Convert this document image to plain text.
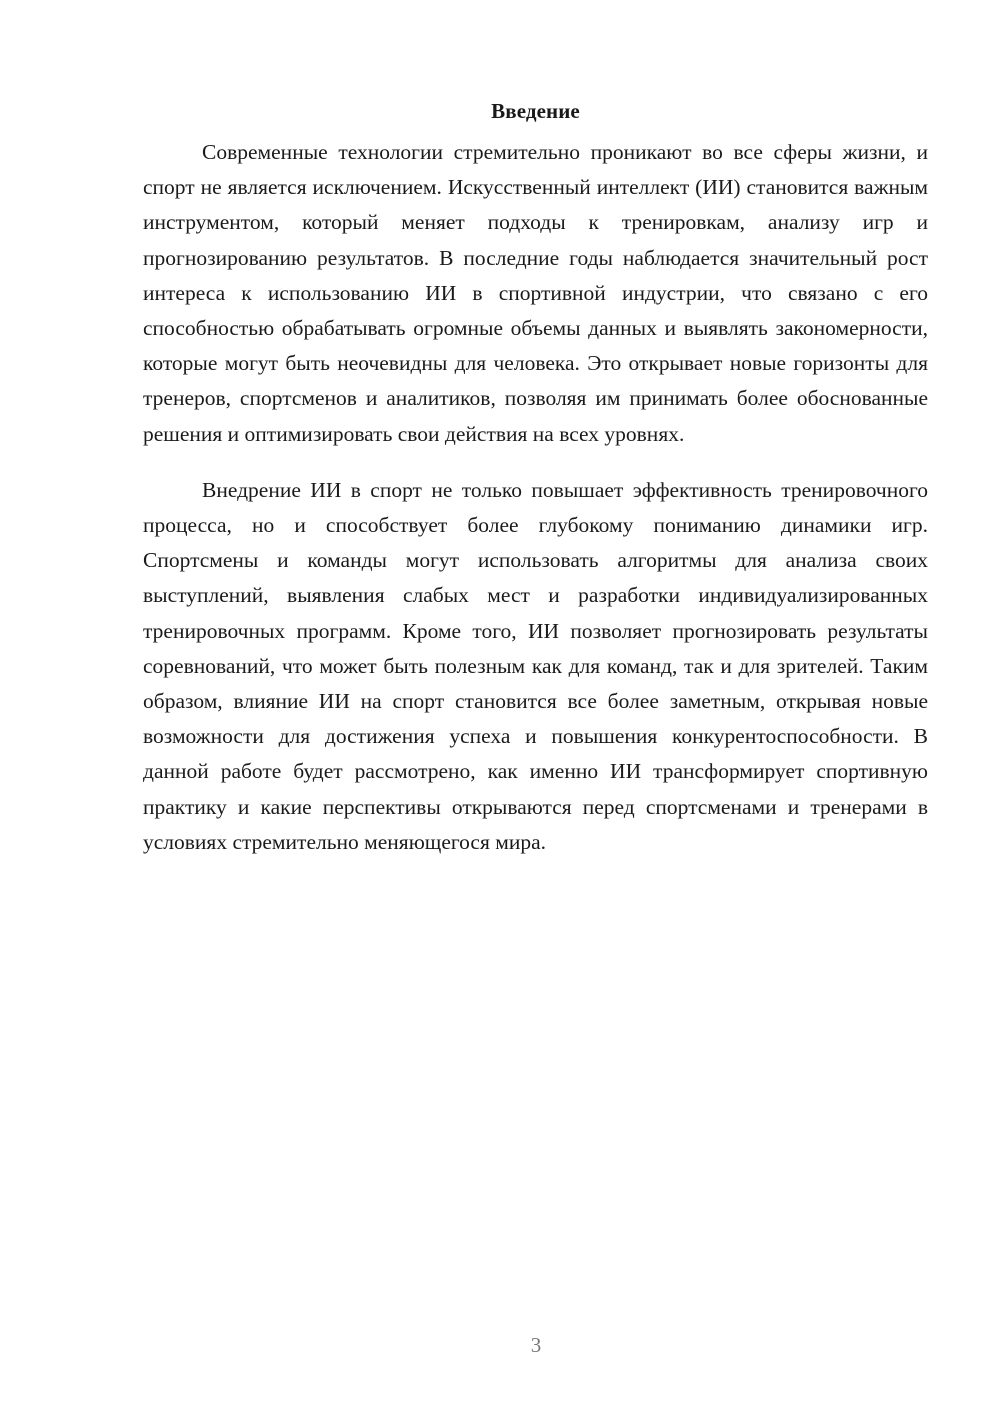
Введение

Современные технологии стремительно проникают во все сферы жизни, и спорт не является исключением. Искусственный интеллект (ИИ) становится важным инструментом, который меняет подходы к тренировкам, анализу игр и прогнозированию результатов. В последние годы наблюдается значительный рост интереса к использованию ИИ в спортивной индустрии, что связано с его способностью обрабатывать огромные объемы данных и выявлять закономерности, которые могут быть неочевидны для человека. Это открывает новые горизонты для тренеров, спортсменов и аналитиков, позволяя им принимать более обоснованные решения и оптимизировать свои действия на всех уровнях.

Внедрение ИИ в спорт не только повышает эффективность тренировочного процесса, но и способствует более глубокому пониманию динамики игр. Спортсмены и команды могут использовать алгоритмы для анализа своих выступлений, выявления слабых мест и разработки индивидуализированных тренировочных программ. Кроме того, ИИ позволяет прогнозировать результаты соревнований, что может быть полезным как для команд, так и для зрителей. Таким образом, влияние ИИ на спорт становится все более заметным, открывая новые возможности для достижения успеха и повышения конкурентоспособности. В данной работе будет рассмотрено, как именно ИИ трансформирует спортивную практику и какие перспективы открываются перед спортсменами и тренерами в условиях стремительно меняющегося мира.

3
